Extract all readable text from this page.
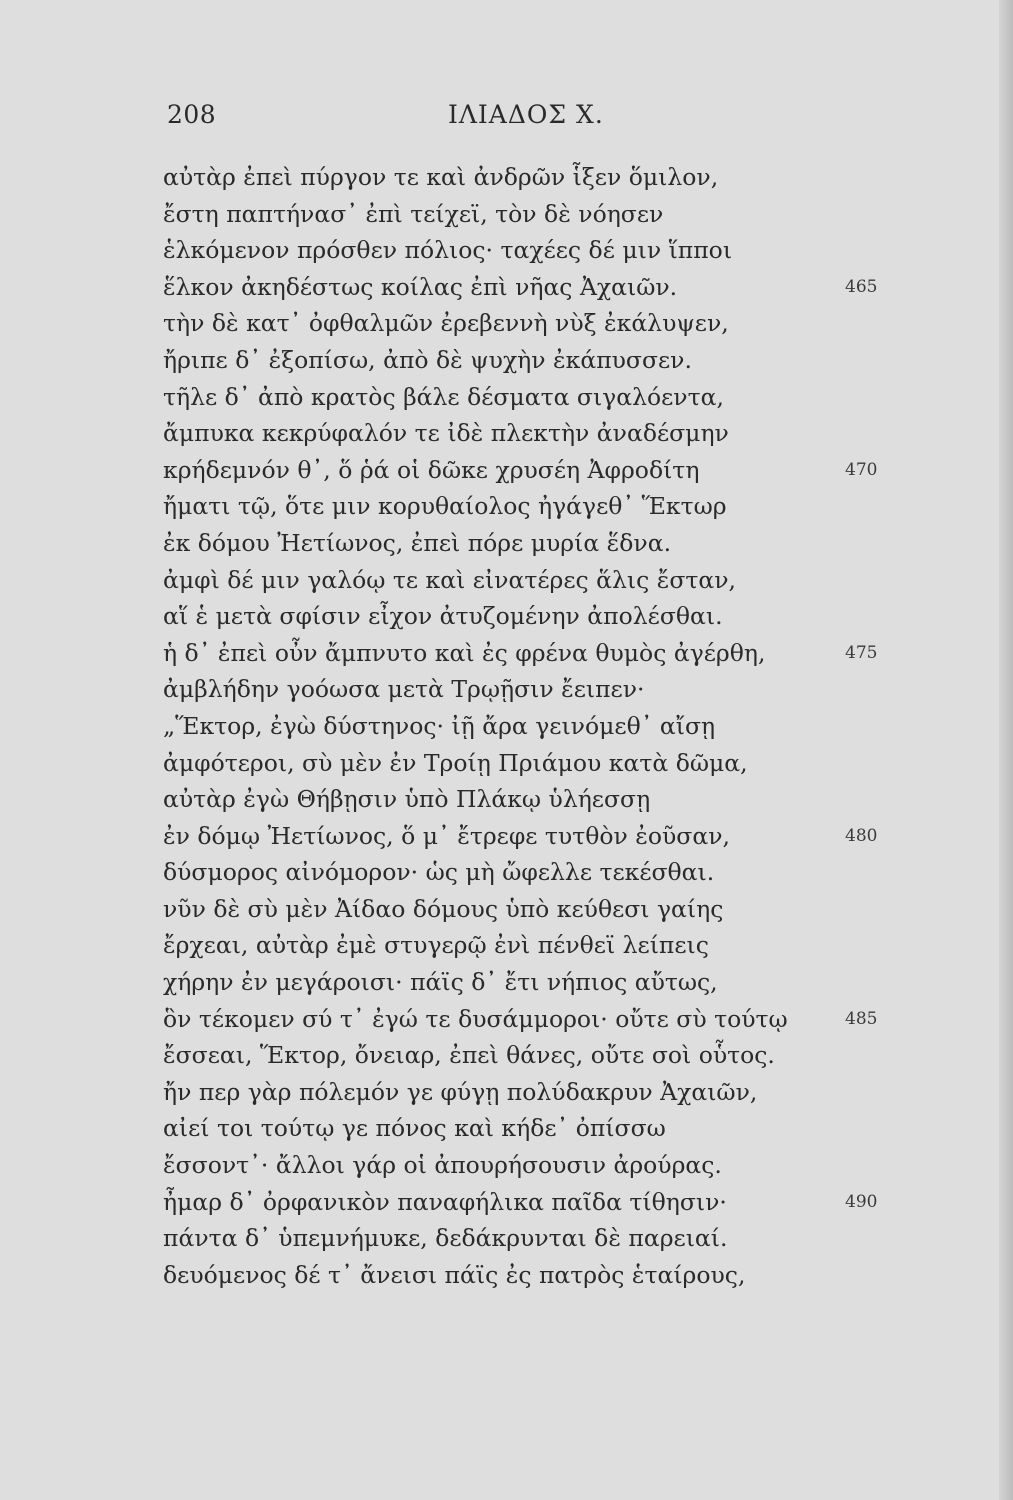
208	ΙΛΙΑΔΟΣ Χ.
αὐτὰρ ἐπεὶ πύργον τε καὶ ἀνδρῶν ἷξεν ὅμιλον,
ἔστη παπτήνασ᾽ ἐπὶ τείχεϊ, τὸν δὲ νόησεν
ἑλκόμενον πρόσθεν πόλιος· ταχέες δέ μιν ἵπποι
ἕλκον ἀκηδέστως κοίλας ἐπὶ νῆας Ἀχαιῶν.	465
τὴν δὲ κατ᾽ ὀφθαλμῶν ἐρεβεννὴ νὺξ ἐκάλυψεν,
ἤριπε δ᾽ ἐξοπίσω, ἀπὸ δὲ ψυχὴν ἐκάπυσσεν.
τῆλε δ᾽ ἀπὸ κρατὸς βάλε δέσματα σιγαλόεντα,
ἄμπυκα κεκρύφαλόν τε ἰδὲ πλεκτὴν ἀναδέσμην
κρήδεμνόν θ᾽, ὅ ῥά οἱ δῶκε χρυσέη Ἀφροδίτη	470
ἤματι τῷ, ὅτε μιν κορυθαίολος ἠγάγεθ᾽ Ἕκτωρ
ἐκ δόμου Ἠετίωνος, ἐπεὶ πόρε μυρία ἕδνα.
ἀμφὶ δέ μιν γαλόῳ τε καὶ εἰνατέρες ἅλις ἔσταν,
αἵ ἑ μετὰ σφίσιν εἶχον ἀτυζομένην ἀπολέσθαι.
ἡ δ᾽ ἐπεὶ οὖν ἄμπνυτο καὶ ἐς φρένα θυμὸς ἀγέρθη,	475
ἀμβλήδην γοόωσα μετὰ Τρῳῇσιν ἔειπεν·
„Ἕκτορ, ἐγὼ δύστηνος· ἰῇ ἄρα γεινόμεθ᾽ αἴσῃ
ἀμφότεροι, σὺ μὲν ἐν Τροίῃ Πριάμου κατὰ δῶμα,
αὐτὰρ ἐγὼ Θήβῃσιν ὑπὸ Πλάκῳ ὑλήεσσῃ
ἐν δόμῳ Ἠετίωνος, ὅ μ᾽ ἔτρεφε τυτθὸν ἐοῦσαν,	480
δύσμορος αἰνόμορον· ὡς μὴ ὤφελλε τεκέσθαι.
νῦν δὲ σὺ μὲν Ἀίδαο δόμους ὑπὸ κεύθεσι γαίης
ἔρχεαι, αὐτὰρ ἐμὲ στυγερῷ ἐνὶ πένθεϊ λείπεις
χήρην ἐν μεγάροισι· πάϊς δ᾽ ἔτι νήπιος αὔτως,
ὃν τέκομεν σύ τ᾽ ἐγώ τε δυσάμμοροι· οὔτε σὺ τούτῳ	485
ἔσσεαι, Ἕκτορ, ὄνειαρ, ἐπεὶ θάνες, οὔτε σοὶ οὗτος.
ἤν περ γὰρ πόλεμόν γε φύγῃ πολύδακρυν Ἀχαιῶν,
αἰεί τοι τούτῳ γε πόνος καὶ κήδε᾽ ὀπίσσω
ἔσσοντ᾽· ἄλλοι γάρ οἱ ἀπουρήσουσιν ἀρούρας.
ἦμαρ δ᾽ ὀρφανικὸν παναφήλικα παῖδα τίθησιν·	490
πάντα δ᾽ ὑπεμνήμυκε, δεδάκρυνται δὲ παρειαί.
δευόμενος δέ τ᾽ ἄνεισι πάϊς ἐς πατρὸς ἑταίρους,
